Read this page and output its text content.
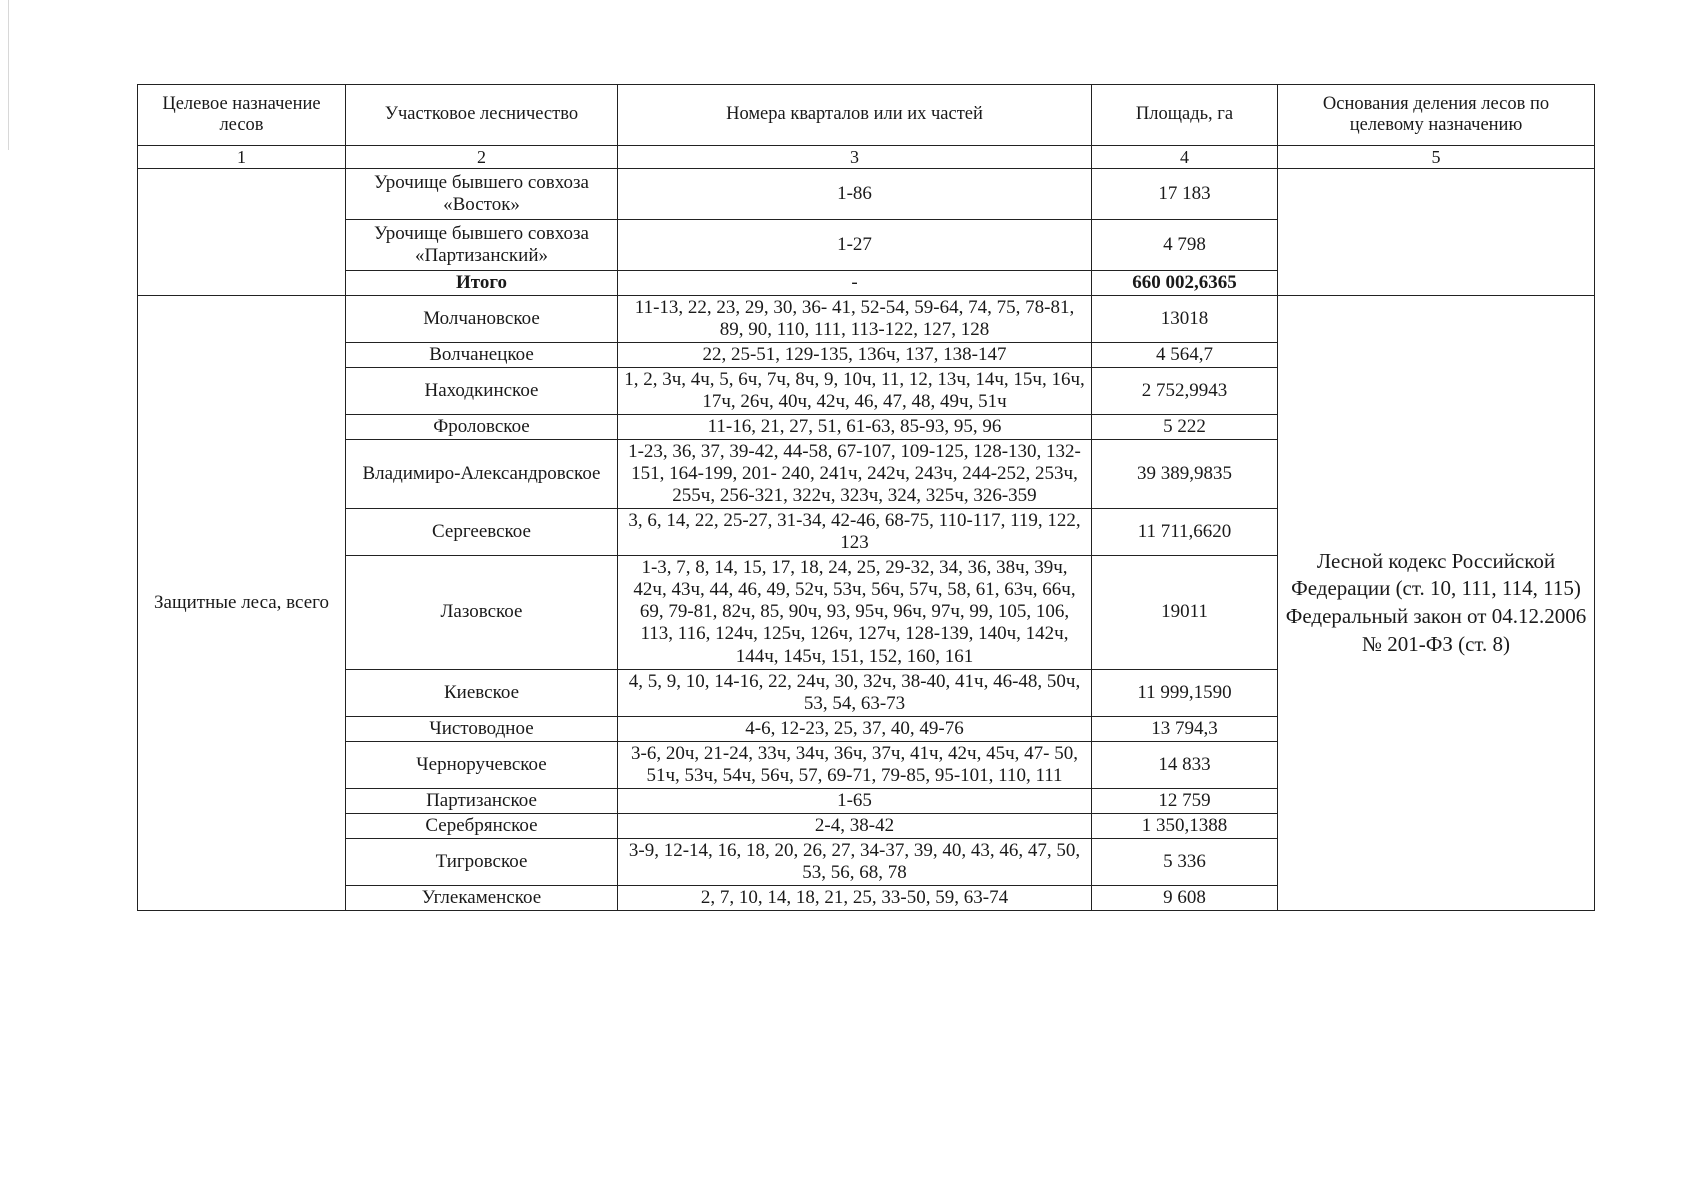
Целевое назначение лесов	Участковое лесничество	Номера кварталов или их частей	Площадь, га	Основания деления лесов по целевому назначению
1	2	3	4	5
	Урочище бывшего совхоза «Восток»	1-86	17 183	
	Урочище бывшего совхоза «Партизанский»	1-27	4 798	
	Итого	-	660 002,6365	
Защитные леса, всего	Молчановское	11-13, 22, 23, 29, 30, 36- 41, 52-54, 59-64, 74, 75, 78-81, 89, 90, 110, 111, 113-122, 127, 128	13018	Лесной кодекс Российской Федерации (ст. 10, 111, 114, 115) Федеральный закон от 04.12.2006 № 201-ФЗ (ст. 8)
	Волчанецкое	22, 25-51, 129-135, 136ч, 137, 138-147	4 564,7	
	Находкинское	1, 2, 3ч, 4ч, 5, 6ч, 7ч, 8ч, 9, 10ч, 11, 12, 13ч, 14ч, 15ч, 16ч, 17ч, 26ч, 40ч, 42ч, 46, 47, 48, 49ч, 51ч	2 752,9943	
	Фроловское	11-16, 21, 27, 51, 61-63, 85-93, 95, 96	5 222	
	Владимиро-Александровское	1-23, 36, 37, 39-42, 44-58, 67-107, 109-125, 128-130, 132-151, 164-199, 201- 240, 241ч, 242ч, 243ч, 244-252, 253ч, 255ч, 256-321, 322ч, 323ч, 324, 325ч, 326-359	39 389,9835	
	Сергеевское	3, 6, 14, 22, 25-27, 31-34, 42-46, 68-75, 110-117, 119, 122, 123	11 711,6620	
	Лазовское	1-3, 7, 8, 14, 15, 17, 18, 24, 25, 29-32, 34, 36, 38ч, 39ч, 42ч, 43ч, 44, 46, 49, 52ч, 53ч, 56ч, 57ч, 58, 61, 63ч, 66ч, 69, 79-81, 82ч, 85, 90ч, 93, 95ч, 96ч, 97ч, 99, 105, 106, 113, 116, 124ч, 125ч, 126ч, 127ч, 128-139, 140ч, 142ч, 144ч, 145ч, 151, 152, 160, 161	19011	
	Киевское	4, 5, 9, 10, 14-16, 22, 24ч, 30, 32ч, 38-40, 41ч, 46-48, 50ч, 53, 54, 63-73	11 999,1590	
	Чистоводное	4-6, 12-23, 25, 37, 40, 49-76	13 794,3	
	Черноручевское	3-6, 20ч, 21-24, 33ч, 34ч, 36ч, 37ч, 41ч, 42ч, 45ч, 47- 50, 51ч, 53ч, 54ч, 56ч, 57, 69-71, 79-85, 95-101, 110, 111	14 833	
	Партизанское	1-65	12 759	
	Серебрянское	2-4, 38-42	1 350,1388	
	Тигровское	3-9, 12-14, 16, 18, 20, 26, 27, 34-37, 39, 40, 43, 46, 47, 50, 53, 56, 68, 78	5 336	
	Углекаменское	2, 7, 10, 14, 18, 21, 25, 33-50, 59, 63-74	9 608	
